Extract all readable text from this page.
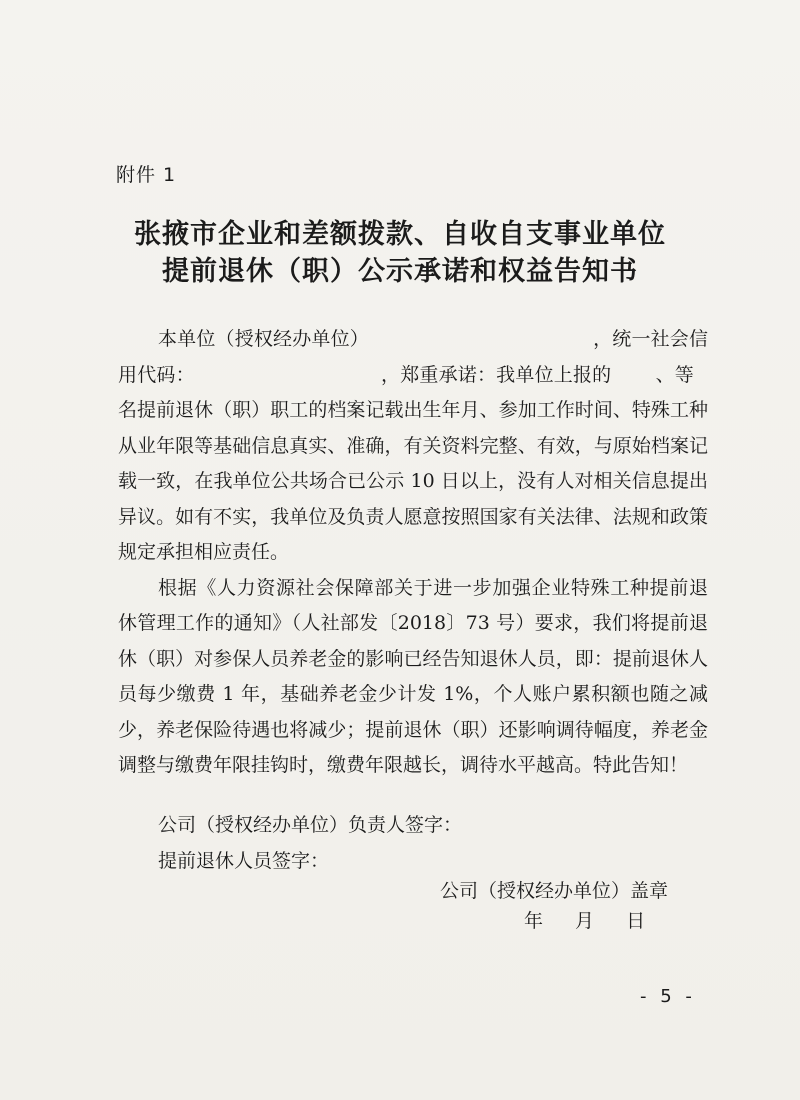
附件 1
张掖市企业和差额拨款、自收自支事业单位
提前退休（职）公示承诺和权益告知书

本单位（授权经办单位）	，统一社会信用代码：	，郑重承诺：我单位上报的 、等名提前退休（职）职工的档案记载出生年月、参加工作时间、特殊工种从业年限等基础信息真实、准确，有关资料完整、有效，与原始档案记载一致，在我单位公共场合已公示 10 日以上，没有人对相关信息提出异议。如有不实，我单位及负责人愿意按照国家有关法律、法规和政策规定承担相应责任。

根据《人力资源社会保障部关于进一步加强企业特殊工种提前退休管理工作的通知》（人社部发〔2018〕73 号）要求，我们将提前退休（职）对参保人员养老金的影响已经告知退休人员，即：提前退休人员每少缴费 1 年，基础养老金少计发 1%，个人账户累积额也随之减少，养老保险待遇也将减少；提前退休（职）还影响调待幅度，养老金调整与缴费年限挂钩时，缴费年限越长，调待水平越高。特此告知！

公司（授权经办单位）负责人签字：
提前退休人员签字：
公司（授权经办单位）盖章
年 月 日
- 5 -
